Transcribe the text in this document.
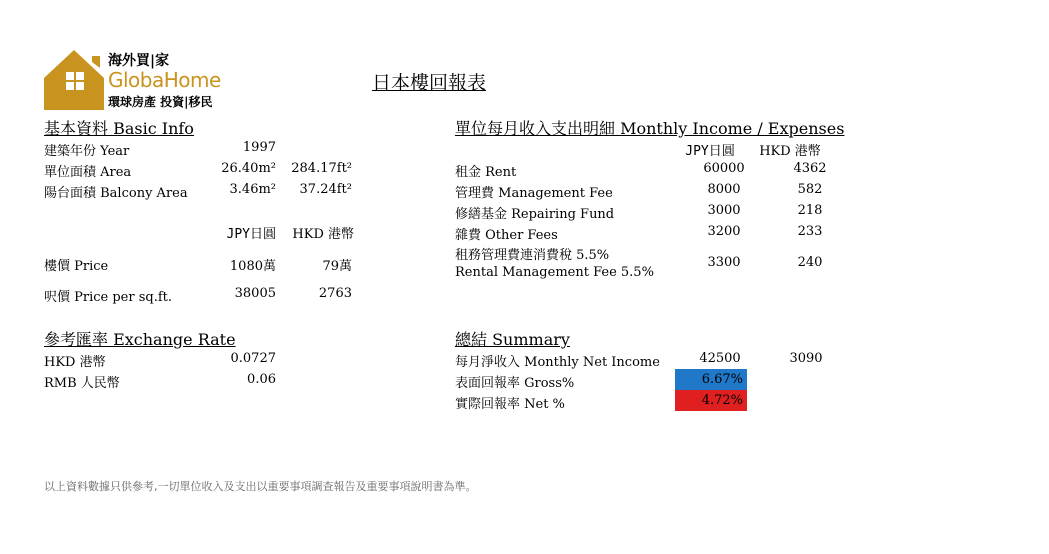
海外買|家
GlobaHome
環球房產 投資|移民
日本樓回報表
基本資料 Basic Info
建築年份 Year	1997
單位面積 Area	26.40m²	284.17ft²
陽台面積 Balcony Area	3.46m²	37.24ft²
JPY日圓	HKD 港幣
樓價 Price	1080萬	79萬
呎價 Price per sq.ft.	38005	2763
參考匯率 Exchange Rate
HKD 港幣	0.0727
RMB 人民幣	0.06
單位每月收入支出明細 Monthly Income / Expenses
JPY日圓	HKD 港幣
租金 Rent	60000	4362
管理費 Management Fee	8000	582
修繕基金 Repairing Fund	3000	218
雜費 Other Fees	3200	233
租務管理費連消費稅 5.5%
Rental Management Fee 5.5%
3300	240
總結 Summary
每月淨收入 Monthly Net Income	42500	3090
表面回報率 Gross%	6.67%
實際回報率 Net %	4.72%
以上資料數據只供參考,一切單位收入及支出以重要事項調查報告及重要事項說明書為準。
